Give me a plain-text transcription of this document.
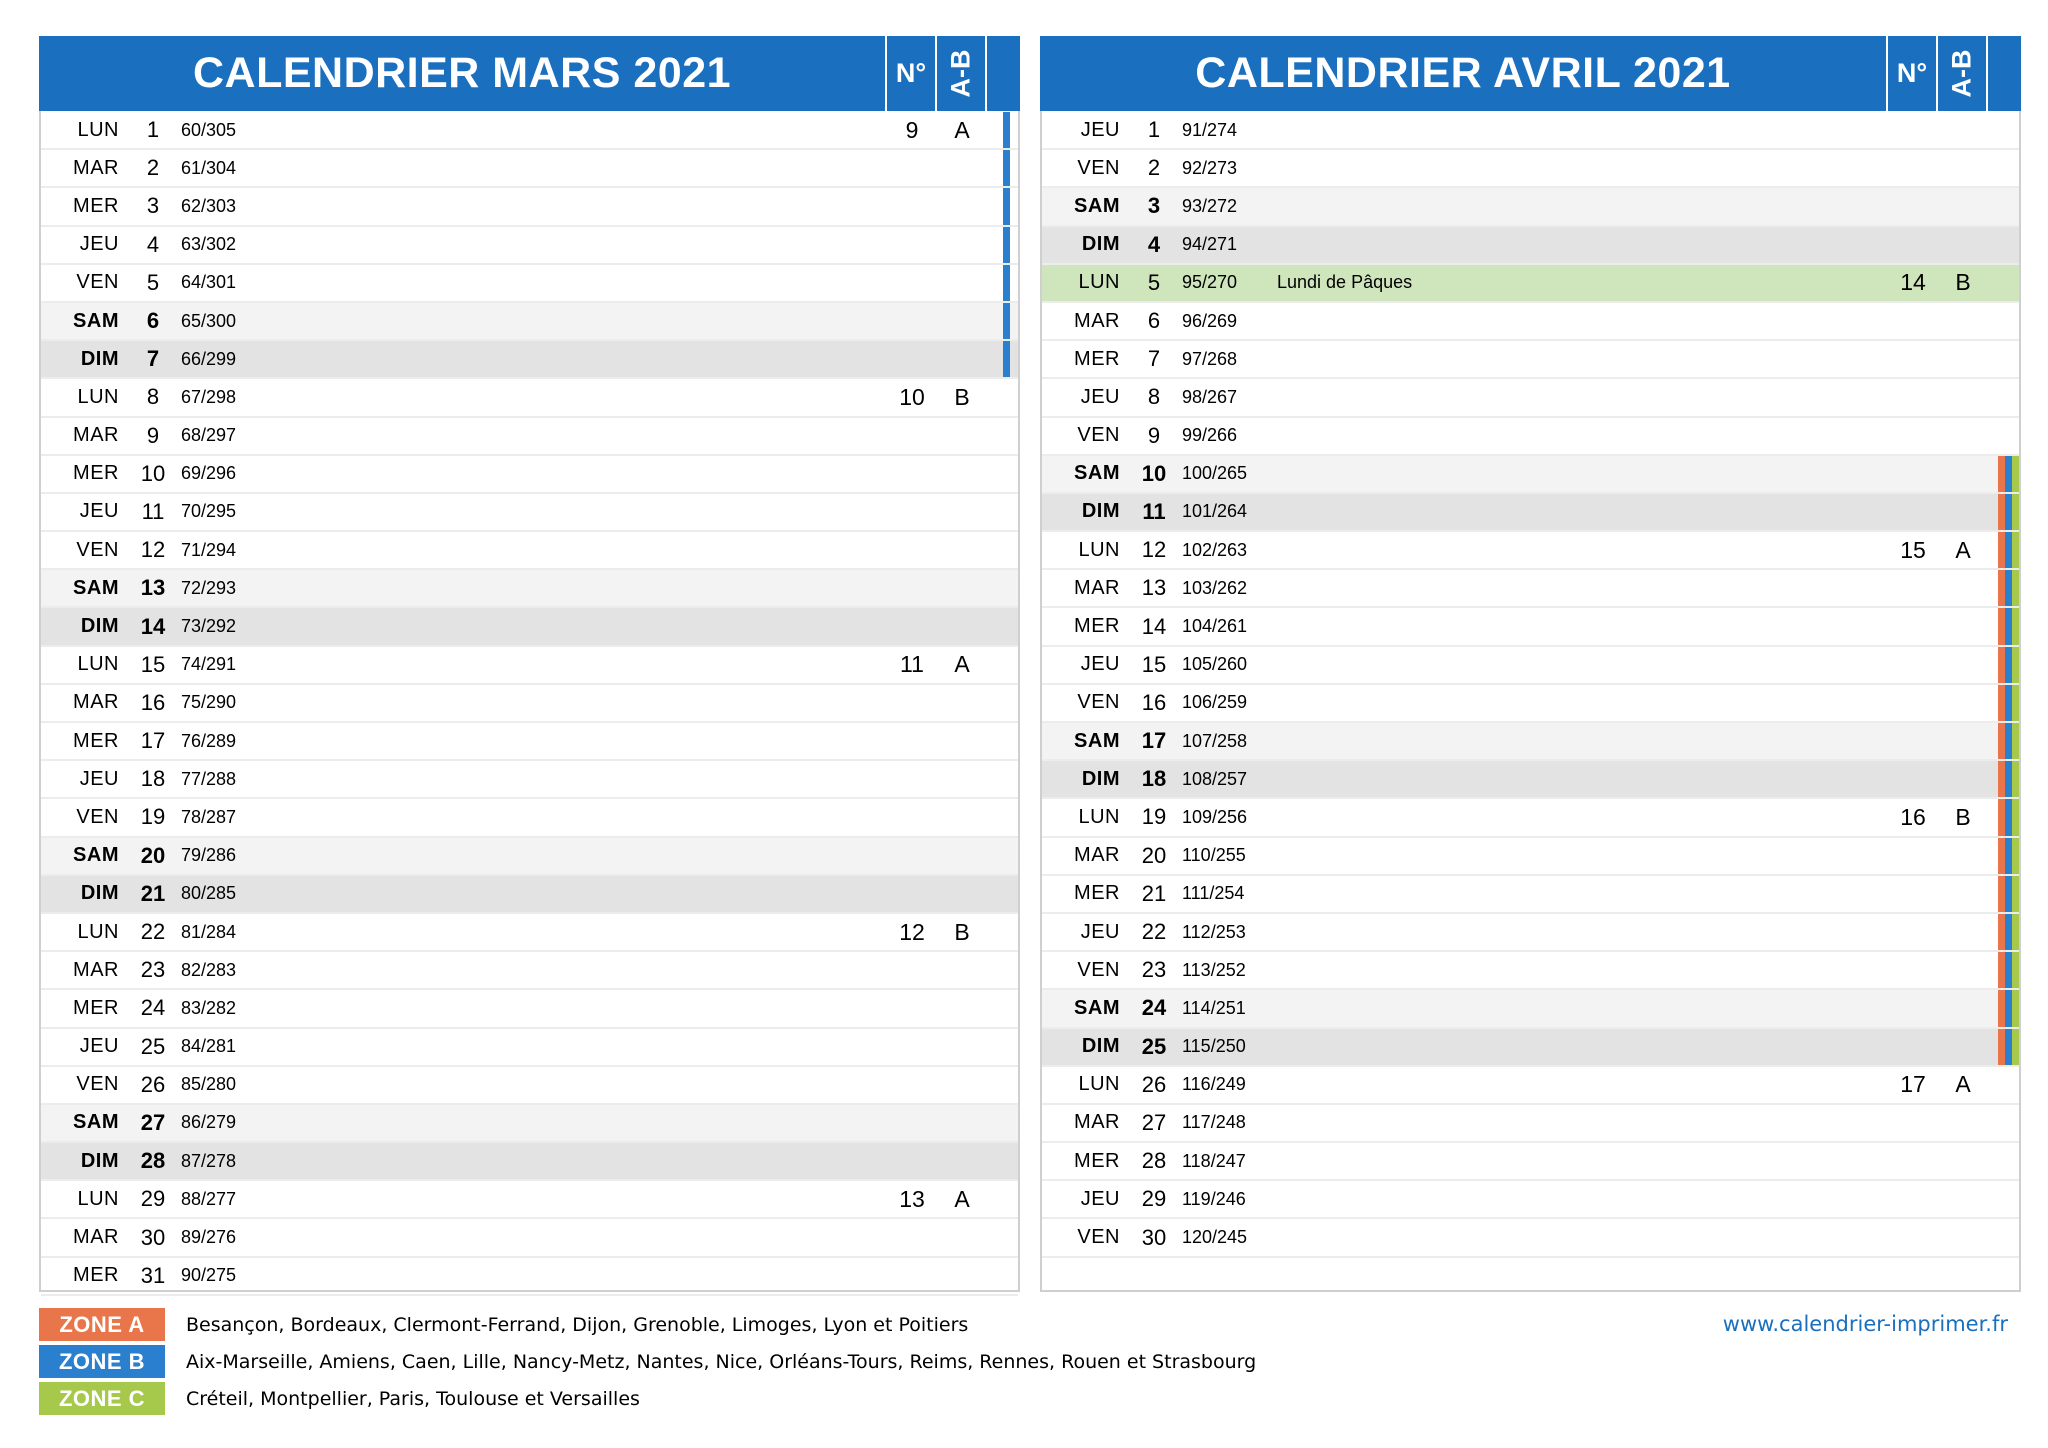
CALENDRIER MARS 2021	N° A-B
LUN	1	60/305	9	A
MAR	2	61/304
MER	3	62/303
JEU	4	63/302
VEN	5	64/301
SAM	6	65/300
DIM	7	66/299
LUN	8	67/298	10	B
MAR	9	68/297
MER 10 69/296
JEU	11 70/295
VEN 12 71/294
SAM 13 72/293
DIM 14 73/292
LUN 15 74/291	11	A
MAR 16 75/290
MER 17 76/289
JEU 18 77/288
VEN 19 78/287
SAM 20 79/286
DIM 21 80/285
LUN 22 81/284	12	B
MAR 23 82/283
MER 24 83/282
JEU 25 84/281
VEN 26 85/280
SAM 27 86/279
DIM 28 87/278
LUN 29 88/277	13	A
MAR 30 89/276
MER 31 90/275
CALENDRIER AVRIL 2021	N° A-B
JEU	1	91/274
VEN	2	92/273
SAM	3	93/272
DIM	4	94/271
LUN	5	95/270 Lundi de Pâques	14	B
MAR	6	96/269
MER	7	97/268
JEU	8	98/267
VEN	9	99/266
SAM 10 100/265
DIM	11 101/264
LUN 12 102/263	15	A
MAR 13 103/262
MER 14 104/261
JEU 15 105/260
VEN 16 106/259
SAM 17 107/258
DIM 18 108/257
LUN 19 109/256	16	B
MAR 20 110/255
MER 21 111/254
JEU 22 112/253
VEN 23 113/252
SAM 24 114/251
DIM 25 115/250
LUN 26 116/249	17	A
MAR 27 117/248
MER 28 118/247
JEU 29 119/246
VEN 30 120/245
ZONE A	Besançon, Bordeaux, Clermont-Ferrand, Dijon, Grenoble, Limoges, Lyon et Poitiers
ZONE B	Aix-Marseille, Amiens, Caen, Lille, Nancy-Metz, Nantes, Nice, Orléans-Tours, Reims, Rennes, Rouen et Strasbourg
ZONE C	Créteil, Montpellier, Paris, Toulouse et Versailles
www.calendrier-imprimer.fr
